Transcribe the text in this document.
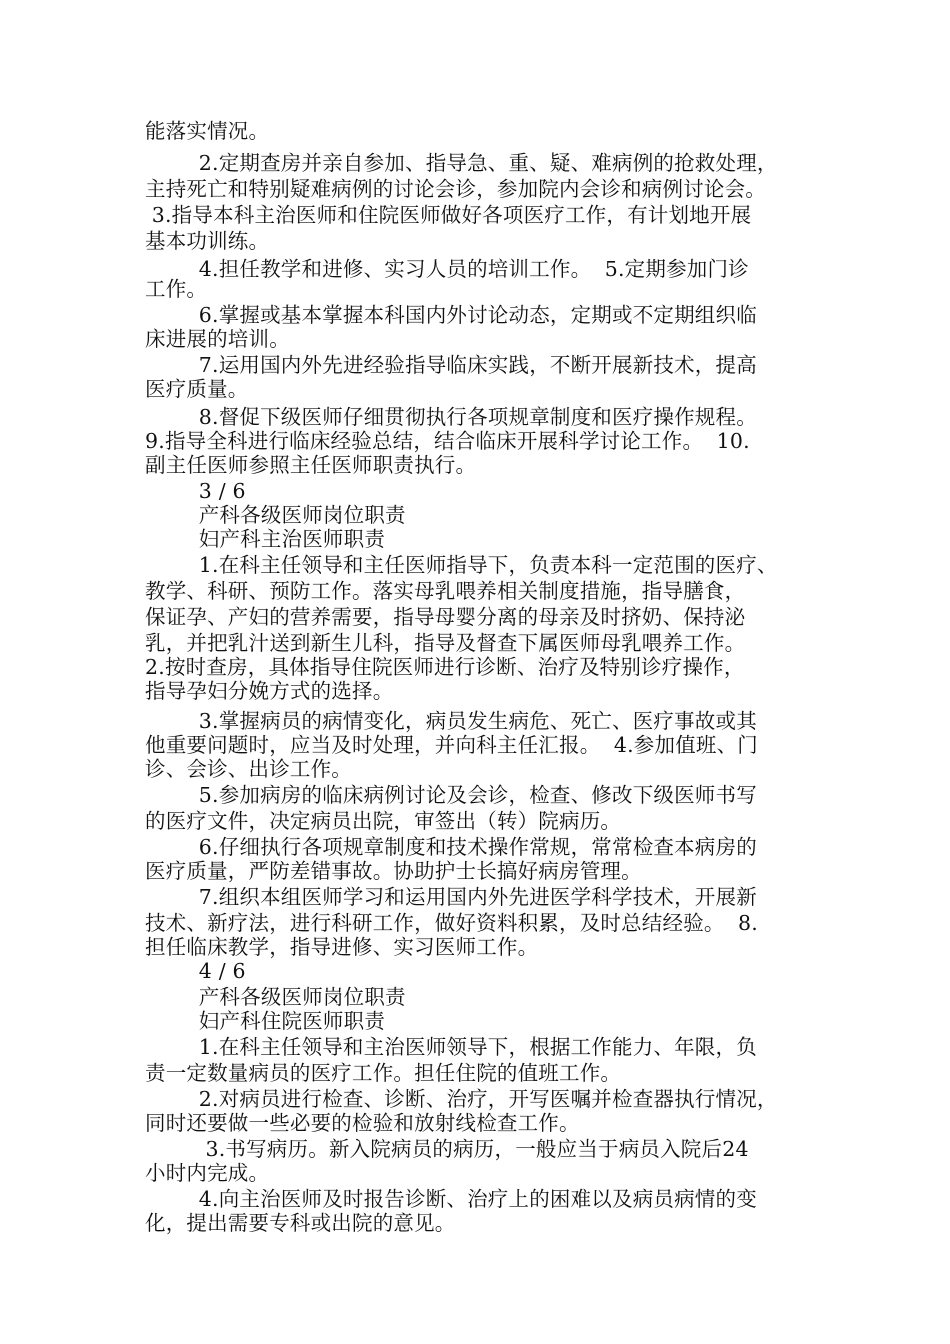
能落实情况。
2.定期查房并亲自参加、指导急、重、疑、难病例的抢救处理，
主持死亡和特别疑难病例的讨论会诊，参加院内会诊和病例讨论会。
3.指导本科主治医师和住院医师做好各项医疗工作，有计划地开展
基本功训练。
4.担任教学和进修、实习人员的培训工作。  5.定期参加门诊
工作。
6.掌握或基本掌握本科国内外讨论动态，定期或不定期组织临
床进展的培训。
7.运用国内外先进经验指导临床实践，不断开展新技术，提高
医疗质量。
8.督促下级医师仔细贯彻执行各项规章制度和医疗操作规程。
9.指导全科进行临床经验总结，结合临床开展科学讨论工作。  10.
副主任医师参照主任医师职责执行。
3 / 6
产科各级医师岗位职责
妇产科主治医师职责
1.在科主任领导和主任医师指导下，负责本科一定范围的医疗、
教学、科研、预防工作。落实母乳喂养相关制度措施，指导膳食，
保证孕、产妇的营养需要，指导母婴分离的母亲及时挤奶、保持泌
乳，并把乳汁送到新生儿科，指导及督查下属医师母乳喂养工作。
2.按时查房，具体指导住院医师进行诊断、治疗及特别诊疗操作，
指导孕妇分娩方式的选择。
3.掌握病员的病情变化，病员发生病危、死亡、医疗事故或其
他重要问题时，应当及时处理，并向科主任汇报。  4.参加值班、门
诊、会诊、出诊工作。
5.参加病房的临床病例讨论及会诊，检查、修改下级医师书写
的医疗文件，决定病员出院，审签出（转）院病历。
6.仔细执行各项规章制度和技术操作常规，常常检查本病房的
医疗质量，严防差错事故。协助护士长搞好病房管理。
7.组织本组医师学习和运用国内外先进医学科学技术，开展新
技术、新疗法，进行科研工作，做好资料积累，及时总结经验。  8.
担任临床教学，指导进修、实习医师工作。
4 / 6
产科各级医师岗位职责
妇产科住院医师职责
1.在科主任领导和主治医师领导下，根据工作能力、年限，负
责一定数量病员的医疗工作。担任住院的值班工作。
2.对病员进行检查、诊断、治疗，开写医嘱并检查器执行情况，
同时还要做一些必要的检验和放射线检查工作。
3.书写病历。新入院病员的病历，一般应当于病员入院后24
小时内完成。
4.向主治医师及时报告诊断、治疗上的困难以及病员病情的变
化，提出需要专科或出院的意见。
